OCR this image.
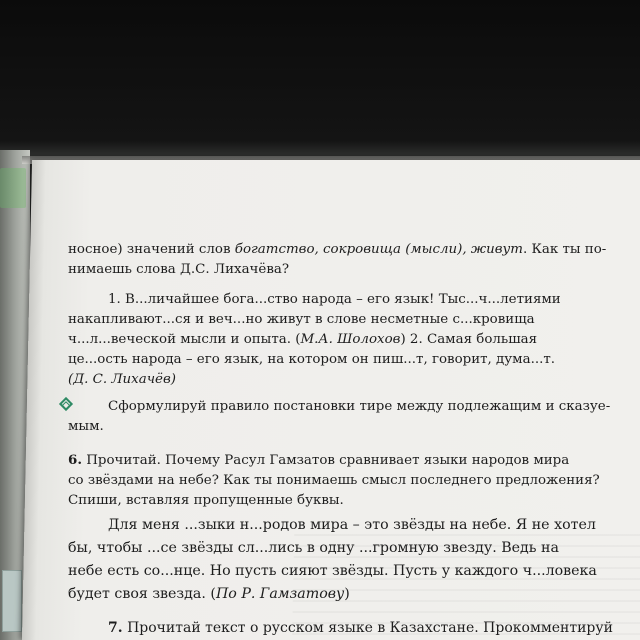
носное) значений слов богатство, сокровища (мысли), живут. Как ты по-
нимаешь слова Д.С. Лихачёва?
1. В...личайшее бога...ство народа – его язык! Тыс...ч...летиями
накапливают...ся и веч...но живут в слове несметные с...кровища
ч...л...веческой мысли и опыта. (М.А. Шолохов) 2. Самая большая
це...ость народа – его язык, на котором он пиш...т, говорит, дума...т.
(Д. С. Лихачёв)
Сформулируй правило постановки тире между подлежащим и сказуе-
мым.
6. Прочитай. Почему Расул Гамзатов сравнивает языки народов мира
со звёздами на небе? Как ты понимаешь смысл последнего предложения?
Спиши, вставляя пропущенные буквы.
Для меня ...зыки н...родов мира – это звёзды на небе. Я не хотел
бы, чтобы ...се звёзды сл...лись в одну ...громную звезду. Ведь на
небе есть со...нце. Но пусть сияют звёзды. Пусть у каждого ч...ловека
будет своя звезда. (По Р. Гамзатову)
7. Прочитай текст о русском языке в Казахстане. Прокомментируй
